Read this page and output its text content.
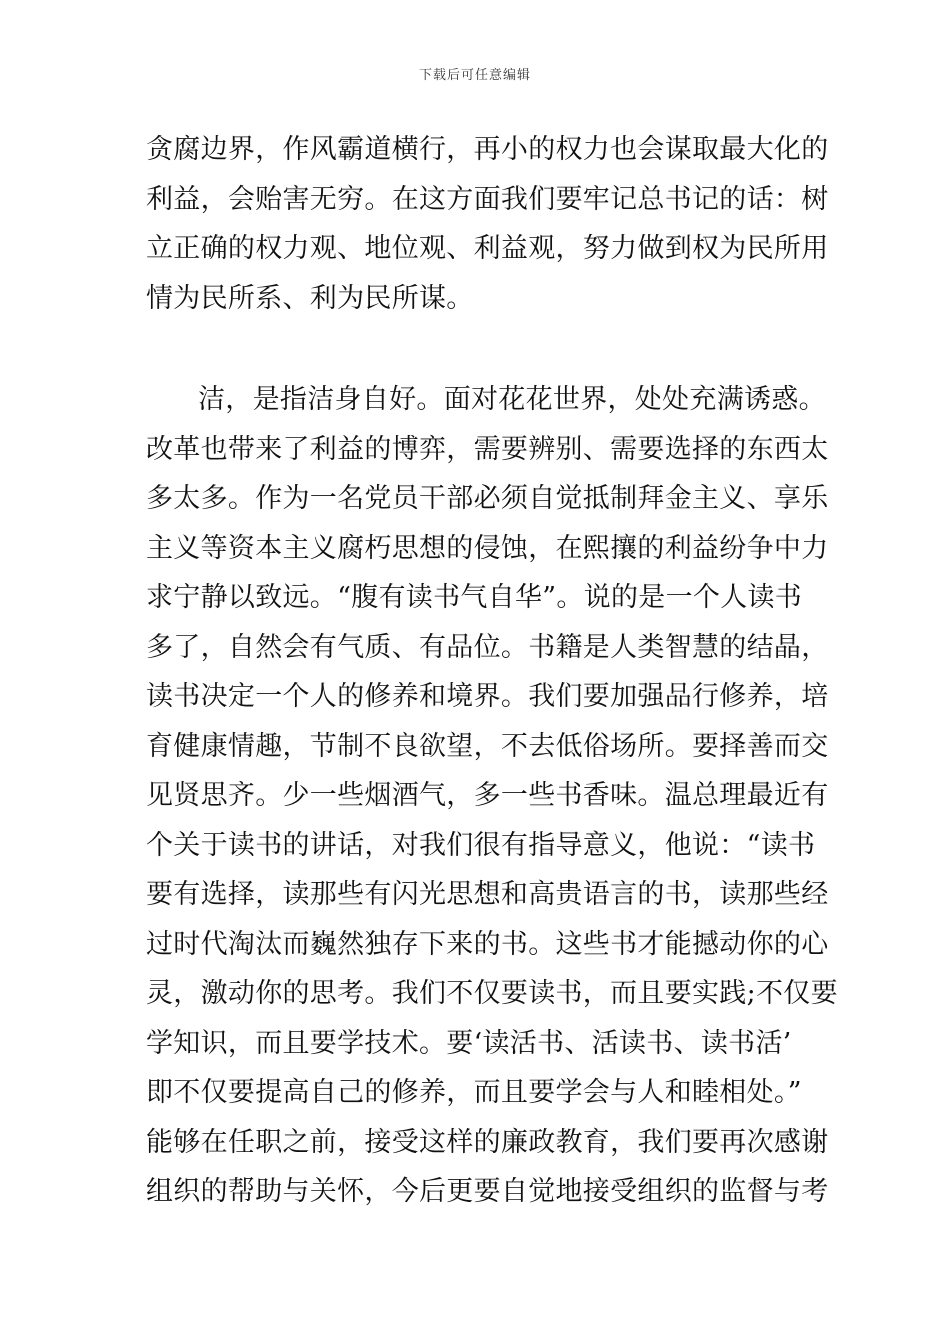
下载后可任意编辑
贪腐边界，作风霸道横行，再小的权力也会谋取最大化的
利益，会贻害无穷。在这方面我们要牢记总书记的话：树
立正确的权力观、地位观、利益观，努力做到权为民所用
情为民所系、利为民所谋。
洁，是指洁身自好。面对花花世界，处处充满诱惑。
改革也带来了利益的博弈，需要辨别、需要选择的东西太
多太多。作为一名党员干部必须自觉抵制拜金主义、享乐
主义等资本主义腐朽思想的侵蚀，在熙攘的利益纷争中力
求宁静以致远。“腹有读书气自华”。说的是一个人读书
多了，自然会有气质、有品位。书籍是人类智慧的结晶，
读书决定一个人的修养和境界。我们要加强品行修养，培
育健康情趣，节制不良欲望，不去低俗场所。要择善而交
见贤思齐。少一些烟酒气，多一些书香味。温总理最近有
个关于读书的讲话，对我们很有指导意义，他说：“读书
要有选择，读那些有闪光思想和高贵语言的书，读那些经
过时代淘汰而巍然独存下来的书。这些书才能撼动你的心
灵，激动你的思考。我们不仅要读书，而且要实践;不仅要
学知识，而且要学技术。要‘读活书、活读书、读书活’
即不仅要提高自己的修养，而且要学会与人和睦相处。”
能够在任职之前，接受这样的廉政教育，我们要再次感谢
组织的帮助与关怀，今后更要自觉地接受组织的监督与考
